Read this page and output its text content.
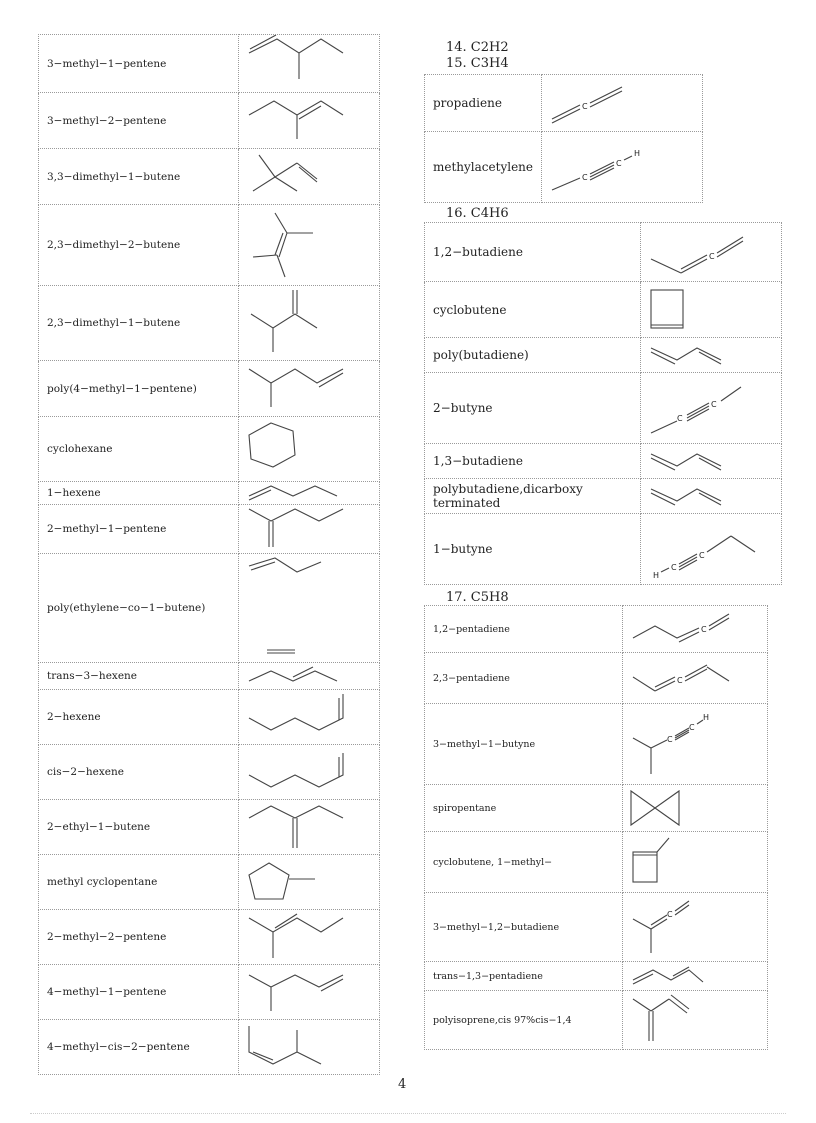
3−methyl−1−pentene	

3−methyl−2−pentene	

3,3−dimethyl−1−butene	

2,3−dimethyl−2−butene	

2,3−dimethyl−1−butene	

poly(4−methyl−1−pentene)	

cyclohexane	

1−hexene	

2−methyl−1−pentene	

poly(ethylene−co−1−butene)	

trans−3−hexene	

2−hexene	

cis−2−hexene	

2−ethyl−1−butene	

methyl cyclopentane	

2−methyl−2−pentene	

4−methyl−1−pentene	

4−methyl−cis−2−pentene	
14. C2H2
15. C3H4
propadiene	C

methylacetylene	C
C
H
16. C4H6
1,2−butadiene	C

cyclobutene	

poly(butadiene)	

2−butyne	C
C

1,3−butadiene	

polybutadiene,dicarboxy terminated	

1−butyne	H
C
C
17. C5H8
1,2−pentadiene	C

2,3−pentadiene	C

3−methyl−1−butyne	C
C
H

spiropentane	

cyclobutene, 1−methyl−	

3−methyl−1,2−butadiene	C

trans−1,3−pentadiene	

polyisoprene,cis 97%cis−1,4	
4
